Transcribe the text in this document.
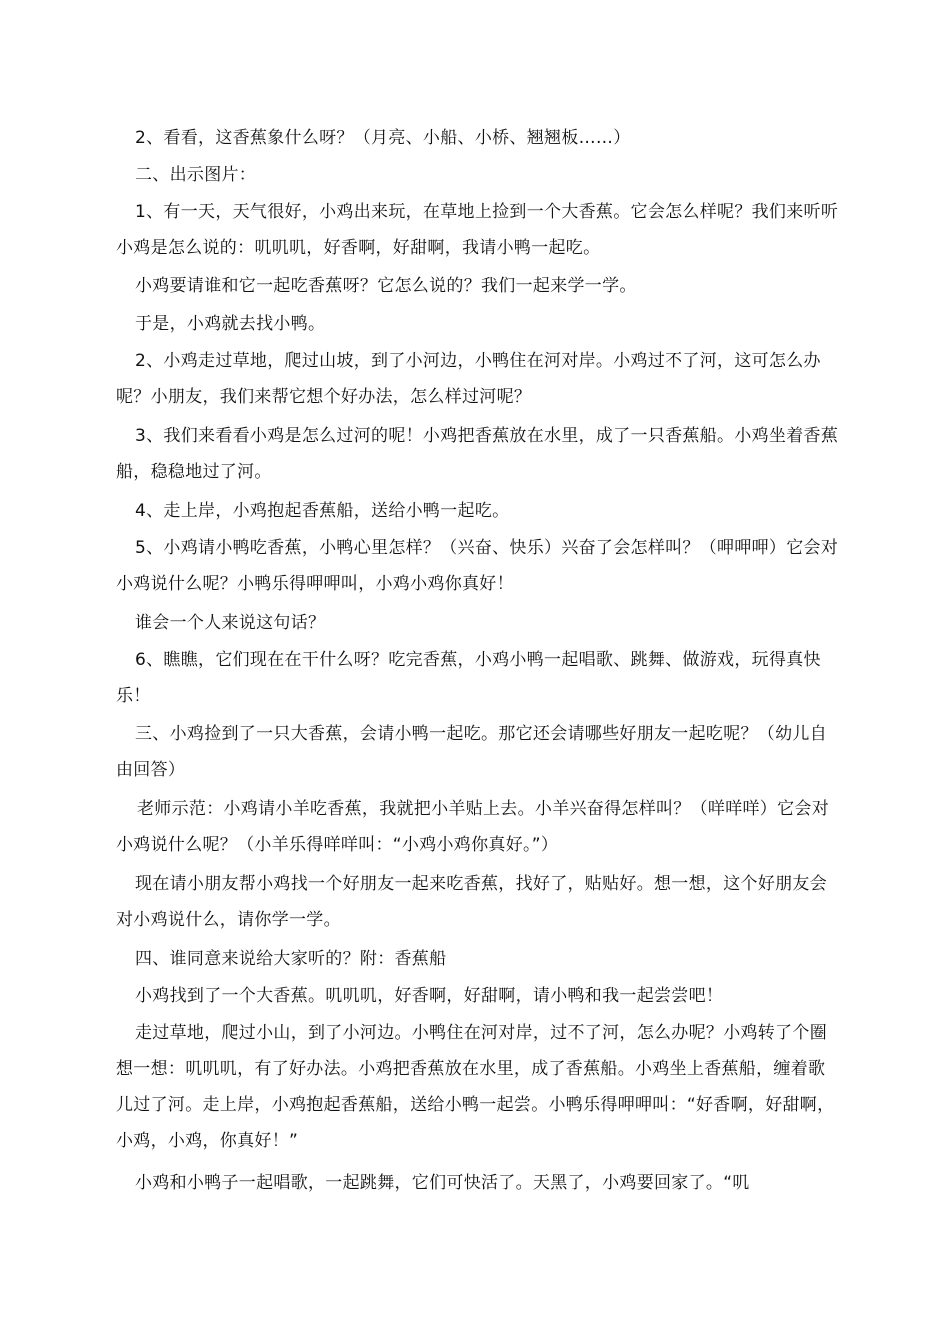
2、看看，这香蕉象什么呀？（月亮、小船、小桥、翘翘板……）

二、出示图片：

1、有一天，天气很好，小鸡出来玩，在草地上捡到一个大香蕉。它会怎么样呢？我们来听听小鸡是怎么说的：叽叽叽，好香啊，好甜啊，我请小鸭一起吃。

小鸡要请谁和它一起吃香蕉呀？它怎么说的？我们一起来学一学。

于是，小鸡就去找小鸭。

2、小鸡走过草地，爬过山坡，到了小河边，小鸭住在河对岸。小鸡过不了河，这可怎么办呢？小朋友，我们来帮它想个好办法，怎么样过河呢？

3、我们来看看小鸡是怎么过河的呢！小鸡把香蕉放在水里，成了一只香蕉船。小鸡坐着香蕉船，稳稳地过了河。

4、走上岸，小鸡抱起香蕉船，送给小鸭一起吃。

5、小鸡请小鸭吃香蕉，小鸭心里怎样？（兴奋、快乐）兴奋了会怎样叫？（呷呷呷）它会对小鸡说什么呢？小鸭乐得呷呷叫，小鸡小鸡你真好！

谁会一个人来说这句话？

6、瞧瞧，它们现在在干什么呀？吃完香蕉，小鸡小鸭一起唱歌、跳舞、做游戏，玩得真快乐！

三、小鸡捡到了一只大香蕉，会请小鸭一起吃。那它还会请哪些好朋友一起吃呢？（幼儿自由回答）

老师示范：小鸡请小羊吃香蕉，我就把小羊贴上去。小羊兴奋得怎样叫？（咩咩咩）它会对小鸡说什么呢？（小羊乐得咩咩叫：“小鸡小鸡你真好。”）

现在请小朋友帮小鸡找一个好朋友一起来吃香蕉，找好了，贴贴好。想一想，这个好朋友会对小鸡说什么，请你学一学。

四、谁同意来说给大家听的？附：香蕉船

小鸡找到了一个大香蕉。叽叽叽，好香啊，好甜啊，请小鸭和我一起尝尝吧！

走过草地，爬过小山，到了小河边。小鸭住在河对岸，过不了河，怎么办呢？小鸡转了个圈想一想：叽叽叽，有了好办法。小鸡把香蕉放在水里，成了香蕉船。小鸡坐上香蕉船，缠着歌儿过了河。走上岸，小鸡抱起香蕉船，送给小鸭一起尝。小鸭乐得呷呷叫：“好香啊，好甜啊，小鸡，小鸡，你真好！”

小鸡和小鸭子一起唱歌，一起跳舞，它们可快活了。天黑了，小鸡要回家了。“叽
